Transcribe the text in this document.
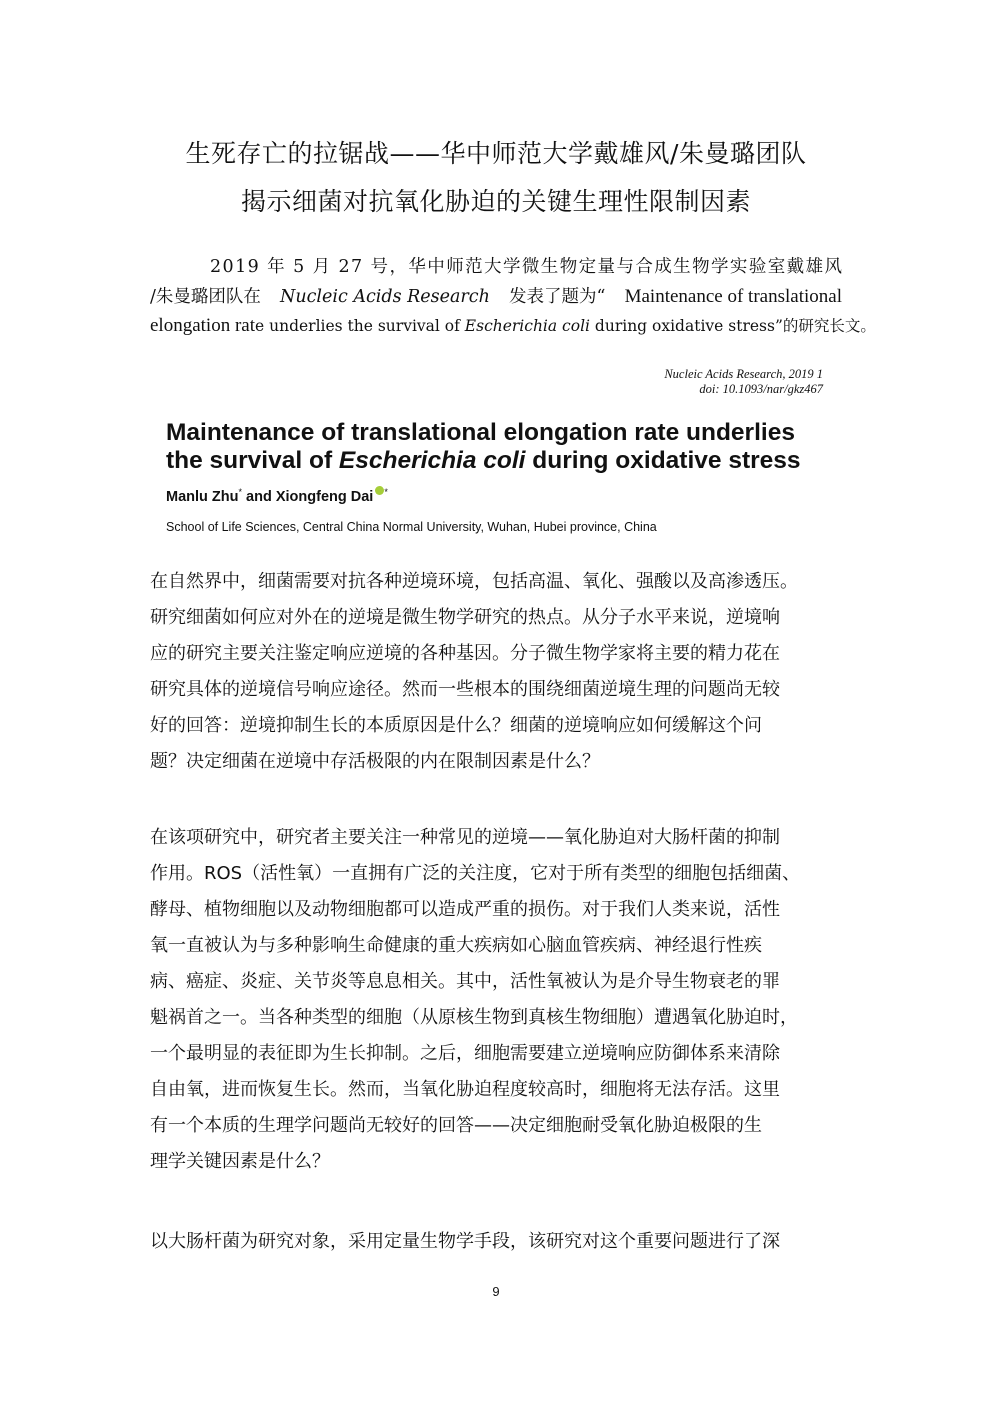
生死存亡的拉锯战——华中师范大学戴雄风/朱曼璐团队
揭示细菌对抗氧化胁迫的关键生理性限制因素
2019 年 5 月 27 号，华中师范大学微生物定量与合成生物学实验室戴雄风
/朱曼璐团队在 Nucleic Acids Research 发表了题为“ Maintenance of translational
elongation rate underlies the survival of Escherichia coli during oxidative stress”的研究长文。
Nucleic Acids Research, 2019 1
doi: 10.1093/nar/gkz467
Maintenance of translational elongation rate underlies
the survival of Escherichia coli during oxidative stress
Manlu Zhu* and Xiongfeng Dai *
School of Life Sciences, Central China Normal University, Wuhan, Hubei province, China
在自然界中，细菌需要对抗各种逆境环境，包括高温、氧化、强酸以及高渗透压。
研究细菌如何应对外在的逆境是微生物学研究的热点。从分子水平来说，逆境响
应的研究主要关注鉴定响应逆境的各种基因。分子微生物学家将主要的精力花在
研究具体的逆境信号响应途径。然而一些根本的围绕细菌逆境生理的问题尚无较
好的回答：逆境抑制生长的本质原因是什么？细菌的逆境响应如何缓解这个问
题？决定细菌在逆境中存活极限的内在限制因素是什么？
在该项研究中，研究者主要关注一种常见的逆境——氧化胁迫对大肠杆菌的抑制
作用。ROS（活性氧）一直拥有广泛的关注度，它对于所有类型的细胞包括细菌、
酵母、植物细胞以及动物细胞都可以造成严重的损伤。对于我们人类来说，活性
氧一直被认为与多种影响生命健康的重大疾病如心脑血管疾病、神经退行性疾
病、癌症、炎症、关节炎等息息相关。其中，活性氧被认为是介导生物衰老的罪
魁祸首之一。当各种类型的细胞（从原核生物到真核生物细胞）遭遇氧化胁迫时，
一个最明显的表征即为生长抑制。之后，细胞需要建立逆境响应防御体系来清除
自由氧，进而恢复生长。然而，当氧化胁迫程度较高时，细胞将无法存活。这里
有一个本质的生理学问题尚无较好的回答——决定细胞耐受氧化胁迫极限的生
理学关键因素是什么？
以大肠杆菌为研究对象，采用定量生物学手段，该研究对这个重要问题进行了深
9
